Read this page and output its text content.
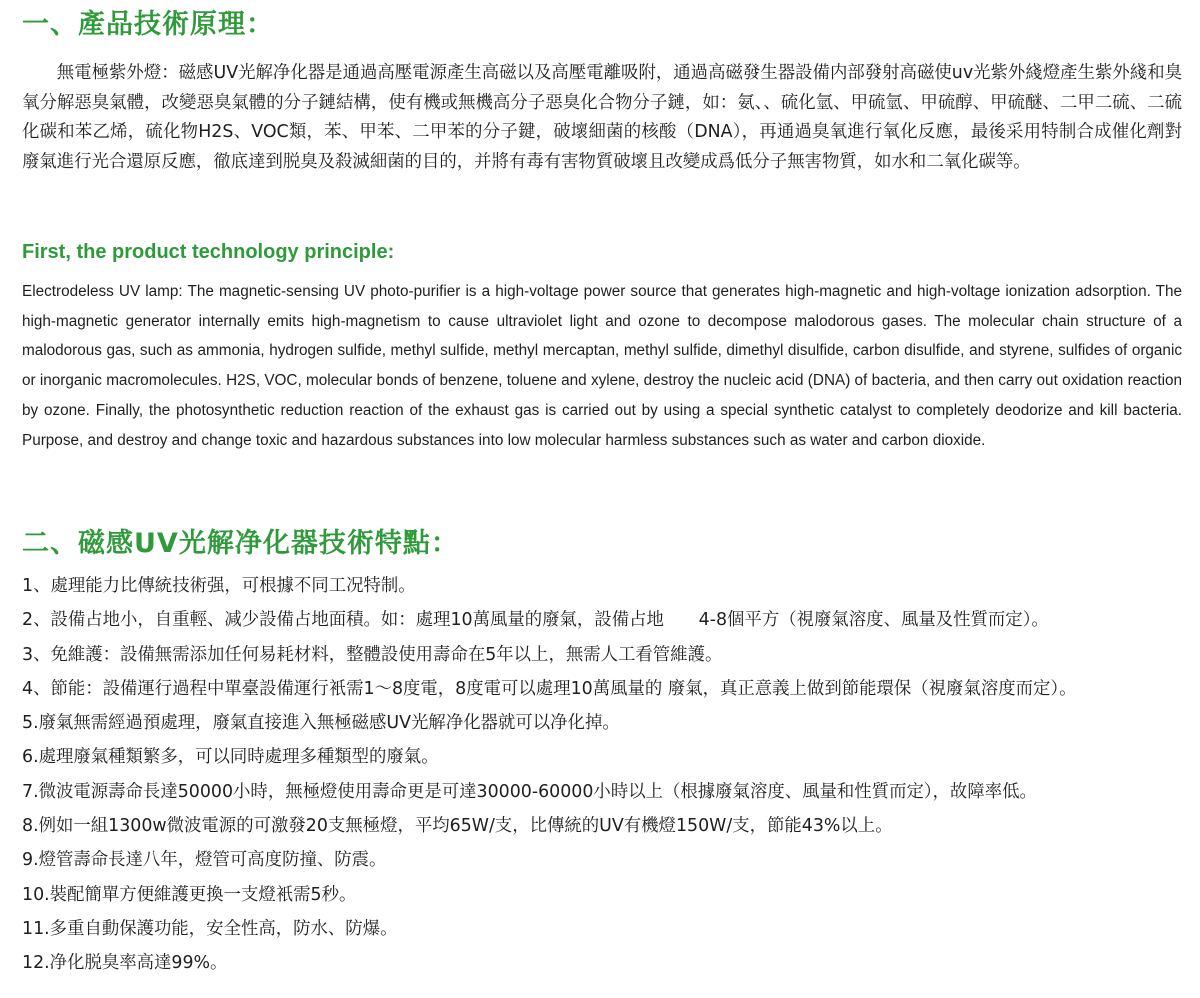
一、產品技術原理：

無電極紫外燈：磁感UV光解净化器是通過高壓電源產生高磁以及高壓電離吸附，通過高磁發生器設備内部發射高磁使uv光紫外綫燈產生紫外綫和臭氧分解惡臭氣體，改變惡臭氣體的分子鏈結構，使有機或無機高分子惡臭化合物分子鏈，如：氨、、硫化氫、甲硫氫、甲硫醇、甲硫醚、二甲二硫、二硫化碳和苯乙烯，硫化物H2S、VOC類，苯、甲苯、二甲苯的分子鍵，破壞細菌的核酸（DNA），再通過臭氧進行氧化反應，最後采用特制合成催化劑對廢氣進行光合還原反應，徹底達到脱臭及殺滅細菌的目的，并將有毒有害物質破壞且改變成爲低分子無害物質，如水和二氧化碳等。

First, the product technology principle:

Electrodeless UV lamp: The magnetic-sensing UV photo-purifier is a high-voltage power source that generates high-magnetic and high-voltage ionization adsorption. The high-magnetic generator internally emits high-magnetism to cause ultraviolet light and ozone to decompose malodorous gases. The molecular chain structure of a malodorous gas, such as ammonia, hydrogen sulfide, methyl sulfide, methyl mercaptan, methyl sulfide, dimethyl disulfide, carbon disulfide, and styrene, sulfides of organic or inorganic macromolecules. H2S, VOC, molecular bonds of benzene, toluene and xylene, destroy the nucleic acid (DNA) of bacteria, and then carry out oxidation reaction by ozone. Finally, the photosynthetic reduction reaction of the exhaust gas is carried out by using a special synthetic catalyst to completely deodorize and kill bacteria. Purpose, and destroy and change toxic and hazardous substances into low molecular harmless substances such as water and carbon dioxide.

二、磁感UV光解净化器技術特點：
1、處理能力比傳統技術强，可根據不同工况特制。
2、設備占地小，自重輕、减少設備占地面積。如：處理10萬風量的廢氣，設備占地　　4-8個平方（視廢氣溶度、風量及性質而定）。
3、免維護：設備無需添加任何易耗材料，整體設使用壽命在5年以上，無需人工看管維護。
4、節能：設備運行過程中單臺設備運行衹需1〜8度電，8度電可以處理10萬風量的 廢氣，真正意義上做到節能環保（視廢氣溶度而定）。
5.廢氣無需經過預處理，廢氣直接進入無極磁感UV光解净化器就可以净化掉。
6.處理廢氣種類繁多，可以同時處理多種類型的廢氣。
7.微波電源壽命長達50000小時，無極燈使用壽命更是可達30000-60000小時以上（根據廢氣溶度、風量和性質而定），故障率低。
8.例如一組1300w微波電源的可激發20支無極燈，平均65W/支，比傳統的UV有機燈150W/支，節能43%以上。
9.燈管壽命長達八年，燈管可高度防撞、防震。
10.裝配簡單方便維護更換一支燈衹需5秒。
11.多重自動保護功能，安全性高，防水、防爆。
12.净化脱臭率高達99%。
